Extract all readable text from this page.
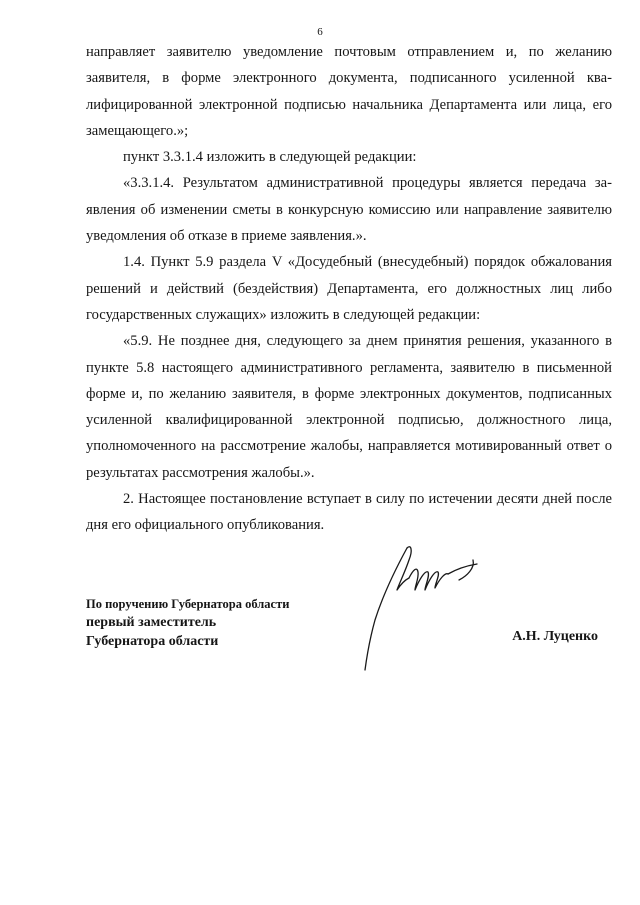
6

направляет заявителю уведомление почтовым отправлением и, по желанию заявителя, в форме электронного документа, подписанного усиленной квалифицированной электронной подписью начальника Департамента или лица, его замещающего.»;

пункт 3.3.1.4 изложить в следующей редакции:

«3.3.1.4. Результатом административной процедуры является передача заявления об изменении сметы в конкурсную комиссию или направление заявителю уведомления об отказе в приеме заявления.».

1.4. Пункт 5.9 раздела V «Досудебный (внесудебный) порядок обжалования решений и действий (бездействия) Департамента, его должностных лиц либо государственных служащих» изложить в следующей редакции:

«5.9. Не позднее дня, следующего за днем принятия решения, указанного в пункте 5.8 настоящего административного регламента, заявителю в письменной форме и, по желанию заявителя, в форме электронных документов, подписанных усиленной квалифицированной электронной подписью, должностного лица, уполномоченного на рассмотрение жалобы, направляется мотивированный ответ о результатах рассмотрения жалобы.».

2. Настоящее постановление вступает в силу по истечении десяти дней после дня его официального опубликования.

По поручению Губернатора области
первый заместитель
Губернатора области	А.Н. Луценко
